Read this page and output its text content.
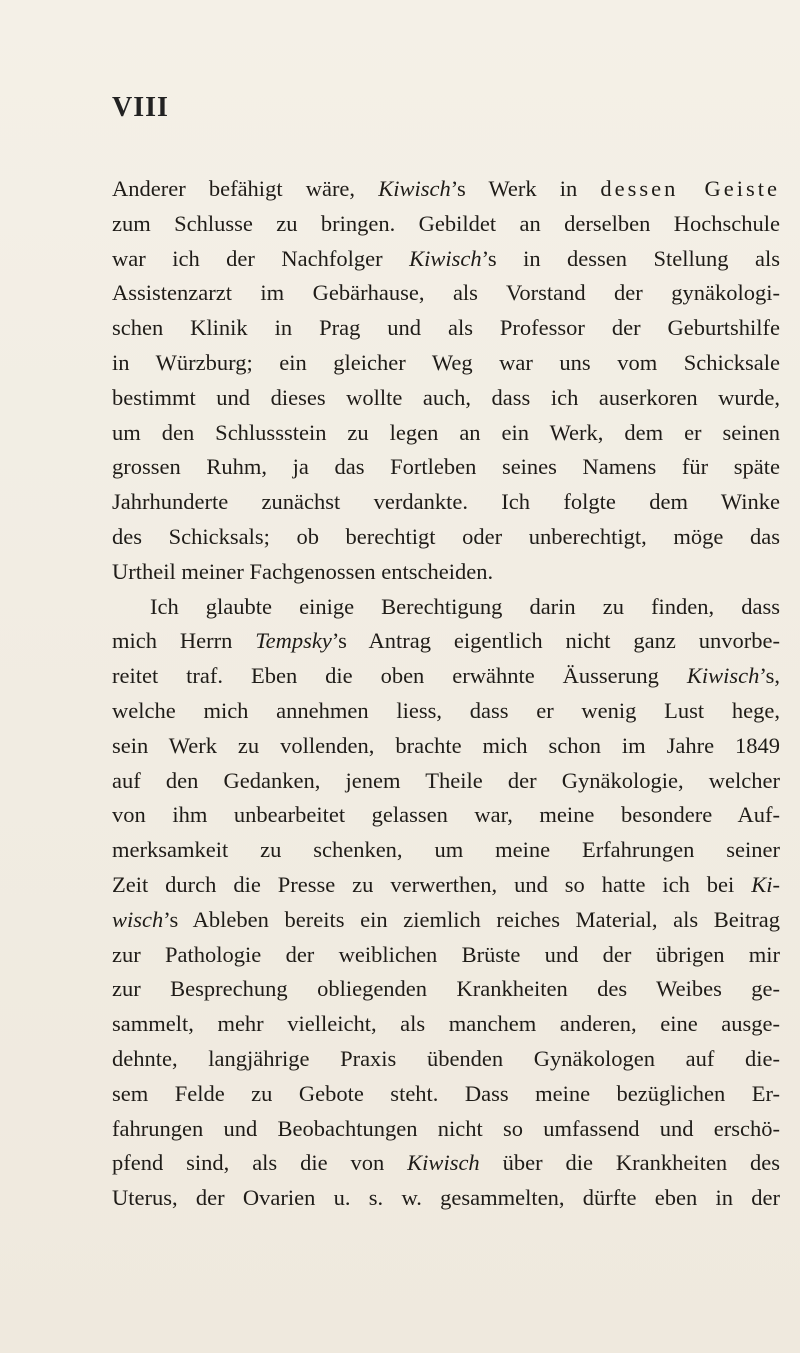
VIII
Anderer befähigt wäre, Kiwisch’s Werk in dessen Geiste
zum Schlusse zu bringen. Gebildet an derselben Hochschule
war ich der Nachfolger Kiwisch’s in dessen Stellung als
Assistenzarzt im Gebärhause, als Vorstand der gynäkologi-
schen Klinik in Prag und als Professor der Geburtshilfe
in Würzburg; ein gleicher Weg war uns vom Schicksale
bestimmt und dieses wollte auch, dass ich auserkoren wurde,
um den Schlussstein zu legen an ein Werk, dem er seinen
grossen Ruhm, ja das Fortleben seines Namens für späte
Jahrhunderte zunächst verdankte. Ich folgte dem Winke
des Schicksals; ob berechtigt oder unberechtigt, möge das
Urtheil meiner Fachgenossen entscheiden.
Ich glaubte einige Berechtigung darin zu finden, dass
mich Herrn Tempsky’s Antrag eigentlich nicht ganz unvorbe-
reitet traf. Eben die oben erwähnte Äusserung Kiwisch’s,
welche mich annehmen liess, dass er wenig Lust hege,
sein Werk zu vollenden, brachte mich schon im Jahre 1849
auf den Gedanken, jenem Theile der Gynäkologie, welcher
von ihm unbearbeitet gelassen war, meine besondere Auf-
merksamkeit zu schenken, um meine Erfahrungen seiner
Zeit durch die Presse zu verwerthen, und so hatte ich bei Ki-
wisch’s Ableben bereits ein ziemlich reiches Material, als Beitrag
zur Pathologie der weiblichen Brüste und der übrigen mir
zur Besprechung obliegenden Krankheiten des Weibes ge-
sammelt, mehr vielleicht, als manchem anderen, eine ausge-
dehnte, langjährige Praxis übenden Gynäkologen auf die-
sem Felde zu Gebote steht. Dass meine bezüglichen Er-
fahrungen und Beobachtungen nicht so umfassend und erschö-
pfend sind, als die von Kiwisch über die Krankheiten des
Uterus, der Ovarien u. s. w. gesammelten, dürfte eben in der
